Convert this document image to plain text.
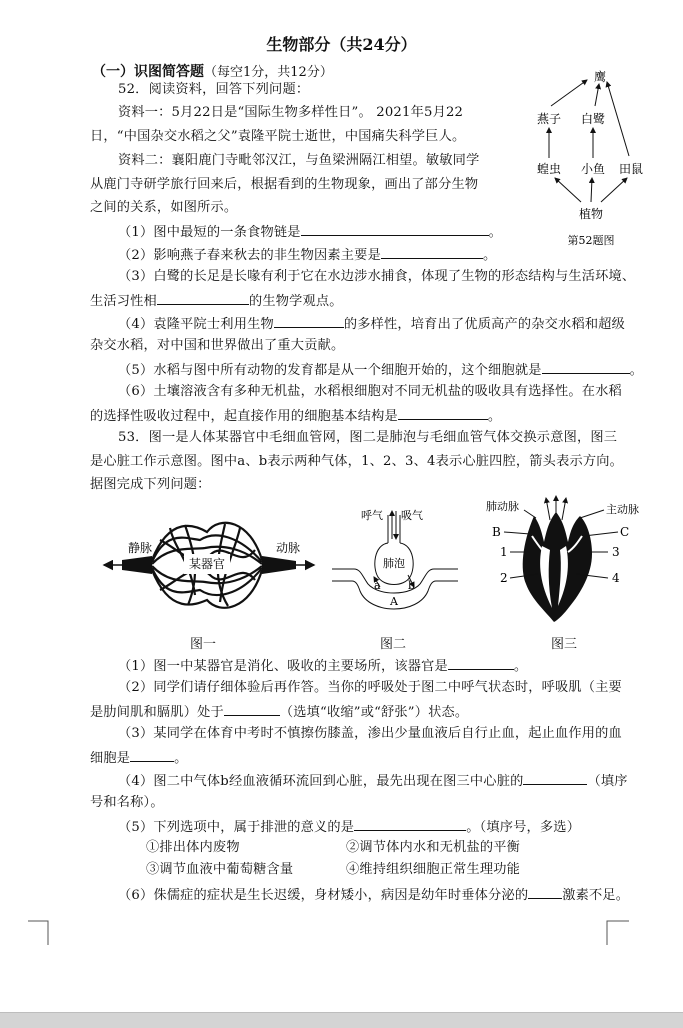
生物部分（共24分）
（一）识图简答题（每空1分，共12分）
52．阅读资料，回答下列问题：
资料一：5月22日是“国际生物多样性日”。 2021年5月22
日，“中国杂交水稻之父”袁隆平院士逝世，中国痛失科学巨人。
资料二：襄阳鹿门寺毗邻汉江，与鱼梁洲隔江相望。敏敏同学
从鹿门寺研学旅行回来后，根据看到的生物现象，画出了部分生物
之间的关系，如图所示。
（1）图中最短的一条食物链是	。
（2）影响燕子春来秋去的非生物因素主要是	。
（3）白鹭的长足是长喙有利于它在水边涉水捕食，体现了生物的形态结构与生活环境、
生活习性相	的生物学观点。
（4）袁隆平院士利用生物	的多样性，培育出了优质高产的杂交水稻和超级
杂交水稻，对中国和世界做出了重大贡献。
（5）水稻与图中所有动物的发育都是从一个细胞开始的，这个细胞就是	。
（6）土壤溶液含有多种无机盐，水稻根细胞对不同无机盐的吸收具有选择性。在水稻
的选择性吸收过程中，起直接作用的细胞基本结构是	。
鹰
燕子 白鹭
蝗虫 小鱼 田鼠
植物
第52题图
53．图一是人体某器官中毛细血管网，图二是肺泡与毛细血管气体交换示意图，图三
是心脏工作示意图。图中a、b表示两种气体，1、2、3、4表示心脏四腔，箭头表示方向。
据图完成下列问题：
静脉	动脉
某器官
图一
呼气 吸气
肺泡
a b
A
图二
肺动脉	主动脉
B	C
1	3
2	4
图三
（1）图一中某器官是消化、吸收的主要场所，该器官是	。
（2）同学们请仔细体验后再作答。当你的呼吸处于图二中呼气状态时，呼吸肌（主要
是肋间肌和膈肌）处于	（选填“收缩”或“舒张”）状态。
（3）某同学在体育中考时不慎擦伤膝盖，渗出少量血液后自行止血，起止血作用的血
细胞是	。
（4）图二中气体b经血液循环流回到心脏，最先出现在图三中心脏的	（填序
号和名称）。
（5）下列选项中，属于排泄的意义的是	。（填序号，多选）
①排出体内废物	②调节体内水和无机盐的平衡
③调节血液中葡萄糖含量	④维持组织细胞正常生理功能
（6）侏儒症的症状是生长迟缓，身材矮小，病因是幼年时垂体分泌的	激素不足。
